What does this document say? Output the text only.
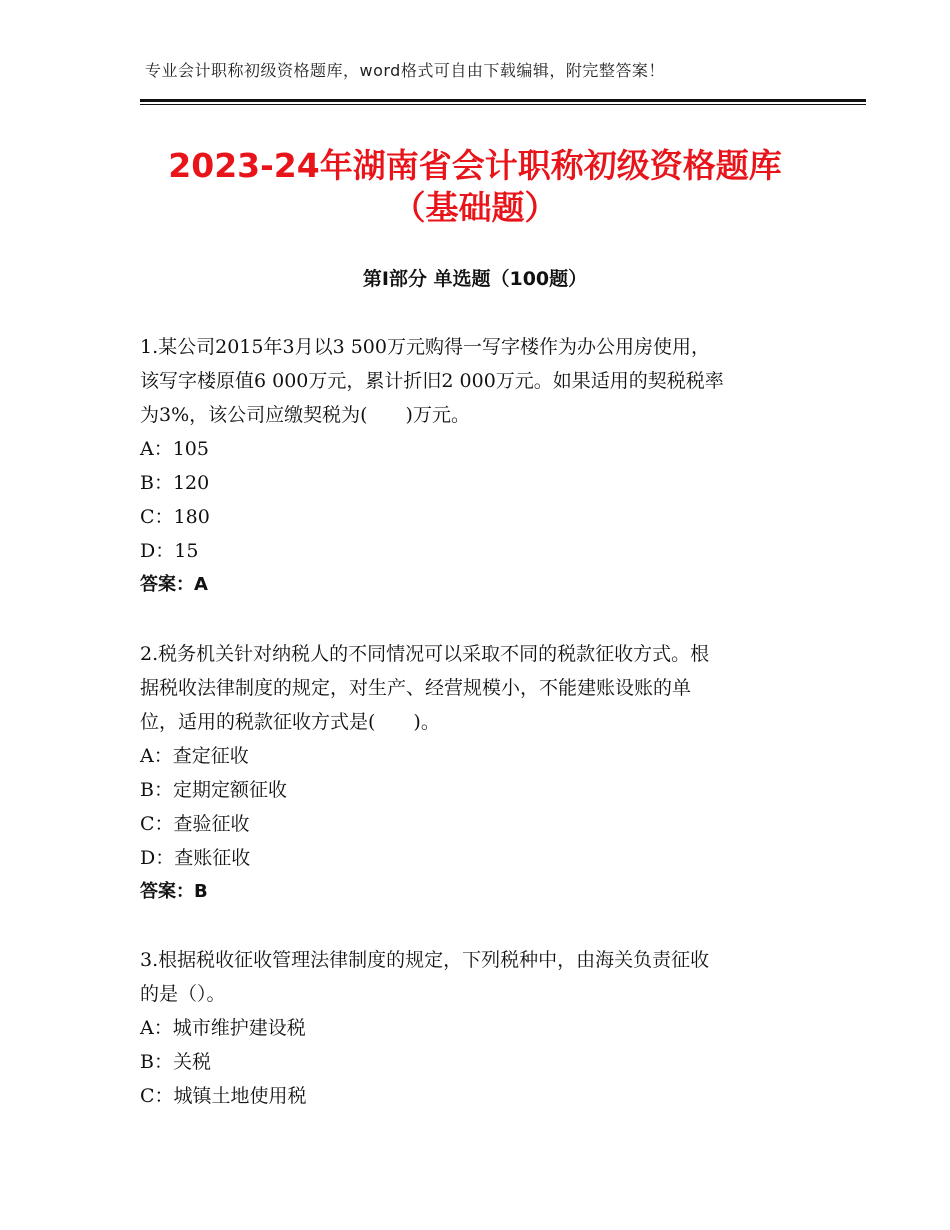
专业会计职称初级资格题库，word格式可自由下载编辑，附完整答案！
2023-24年湖南省会计职称初级资格题库
（基础题）
第Ⅰ部分 单选题（100题）
1.某公司2015年3月以3 500万元购得一写字楼作为办公用房使用，
该写字楼原值6 000万元，累计折旧2 000万元。如果适用的契税税率
为3%，该公司应缴契税为(　　)万元。
A：105
B：120
C：180
D：15
答案：A
2.税务机关针对纳税人的不同情况可以采取不同的税款征收方式。根
据税收法律制度的规定，对生产、经营规模小，不能建账设账的单
位，适用的税款征收方式是(　　)。
A：查定征收
B：定期定额征收
C：查验征收
D：查账征收
答案：B
3.根据税收征收管理法律制度的规定，下列税种中，由海关负责征收
的是（）。
A：城市维护建设税
B：关税
C：城镇土地使用税
